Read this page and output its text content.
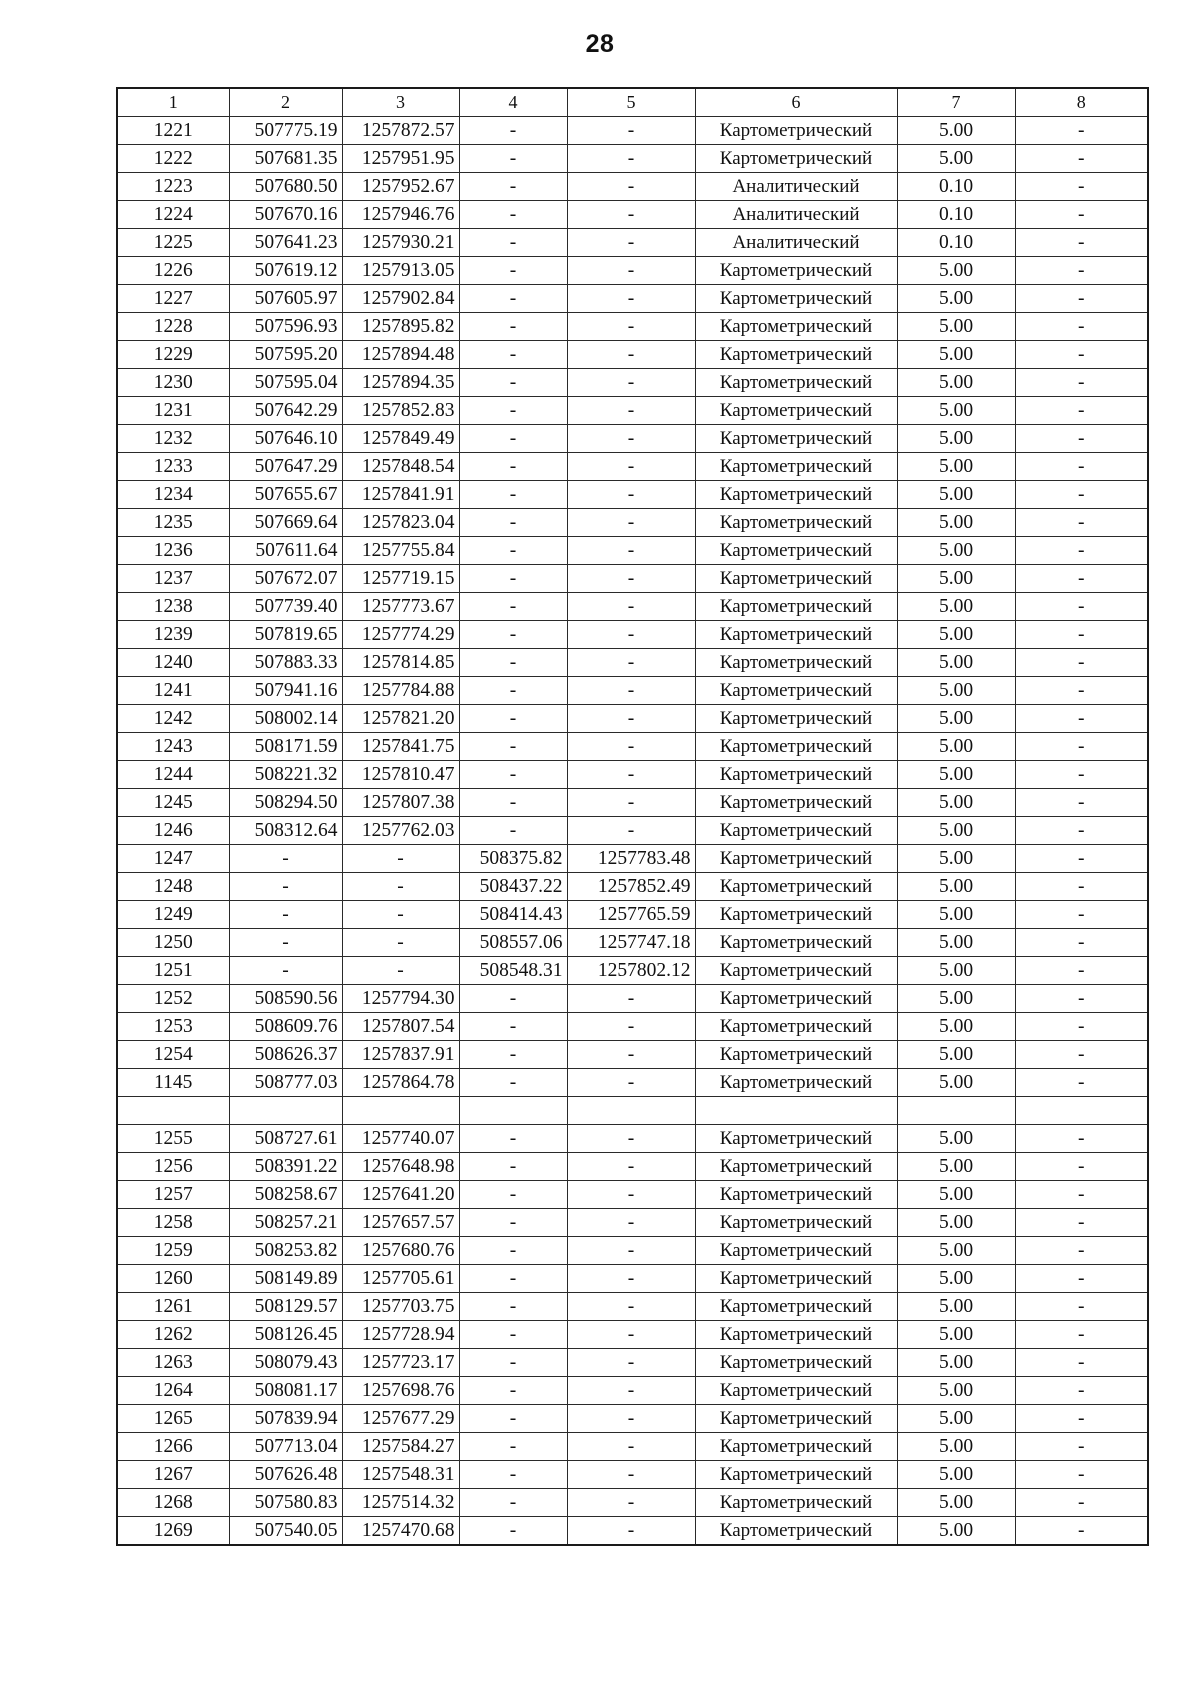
28
1	2	3	4	5	6	7	8
1221	507775.19	1257872.57	-	-	Картометрический	5.00	-
1222	507681.35	1257951.95	-	-	Картометрический	5.00	-
1223	507680.50	1257952.67	-	-	Аналитический	0.10	-
1224	507670.16	1257946.76	-	-	Аналитический	0.10	-
1225	507641.23	1257930.21	-	-	Аналитический	0.10	-
1226	507619.12	1257913.05	-	-	Картометрический	5.00	-
1227	507605.97	1257902.84	-	-	Картометрический	5.00	-
1228	507596.93	1257895.82	-	-	Картометрический	5.00	-
1229	507595.20	1257894.48	-	-	Картометрический	5.00	-
1230	507595.04	1257894.35	-	-	Картометрический	5.00	-
1231	507642.29	1257852.83	-	-	Картометрический	5.00	-
1232	507646.10	1257849.49	-	-	Картометрический	5.00	-
1233	507647.29	1257848.54	-	-	Картометрический	5.00	-
1234	507655.67	1257841.91	-	-	Картометрический	5.00	-
1235	507669.64	1257823.04	-	-	Картометрический	5.00	-
1236	507611.64	1257755.84	-	-	Картометрический	5.00	-
1237	507672.07	1257719.15	-	-	Картометрический	5.00	-
1238	507739.40	1257773.67	-	-	Картометрический	5.00	-
1239	507819.65	1257774.29	-	-	Картометрический	5.00	-
1240	507883.33	1257814.85	-	-	Картометрический	5.00	-
1241	507941.16	1257784.88	-	-	Картометрический	5.00	-
1242	508002.14	1257821.20	-	-	Картометрический	5.00	-
1243	508171.59	1257841.75	-	-	Картометрический	5.00	-
1244	508221.32	1257810.47	-	-	Картометрический	5.00	-
1245	508294.50	1257807.38	-	-	Картометрический	5.00	-
1246	508312.64	1257762.03	-	-	Картометрический	5.00	-
1247	-	-	508375.82	1257783.48	Картометрический	5.00	-
1248	-	-	508437.22	1257852.49	Картометрический	5.00	-
1249	-	-	508414.43	1257765.59	Картометрический	5.00	-
1250	-	-	508557.06	1257747.18	Картометрический	5.00	-
1251	-	-	508548.31	1257802.12	Картометрический	5.00	-
1252	508590.56	1257794.30	-	-	Картометрический	5.00	-
1253	508609.76	1257807.54	-	-	Картометрический	5.00	-
1254	508626.37	1257837.91	-	-	Картометрический	5.00	-
1145	508777.03	1257864.78	-	-	Картометрический	5.00	-

1255	508727.61	1257740.07	-	-	Картометрический	5.00	-
1256	508391.22	1257648.98	-	-	Картометрический	5.00	-
1257	508258.67	1257641.20	-	-	Картометрический	5.00	-
1258	508257.21	1257657.57	-	-	Картометрический	5.00	-
1259	508253.82	1257680.76	-	-	Картометрический	5.00	-
1260	508149.89	1257705.61	-	-	Картометрический	5.00	-
1261	508129.57	1257703.75	-	-	Картометрический	5.00	-
1262	508126.45	1257728.94	-	-	Картометрический	5.00	-
1263	508079.43	1257723.17	-	-	Картометрический	5.00	-
1264	508081.17	1257698.76	-	-	Картометрический	5.00	-
1265	507839.94	1257677.29	-	-	Картометрический	5.00	-
1266	507713.04	1257584.27	-	-	Картометрический	5.00	-
1267	507626.48	1257548.31	-	-	Картометрический	5.00	-
1268	507580.83	1257514.32	-	-	Картометрический	5.00	-
1269	507540.05	1257470.68	-	-	Картометрический	5.00	-
